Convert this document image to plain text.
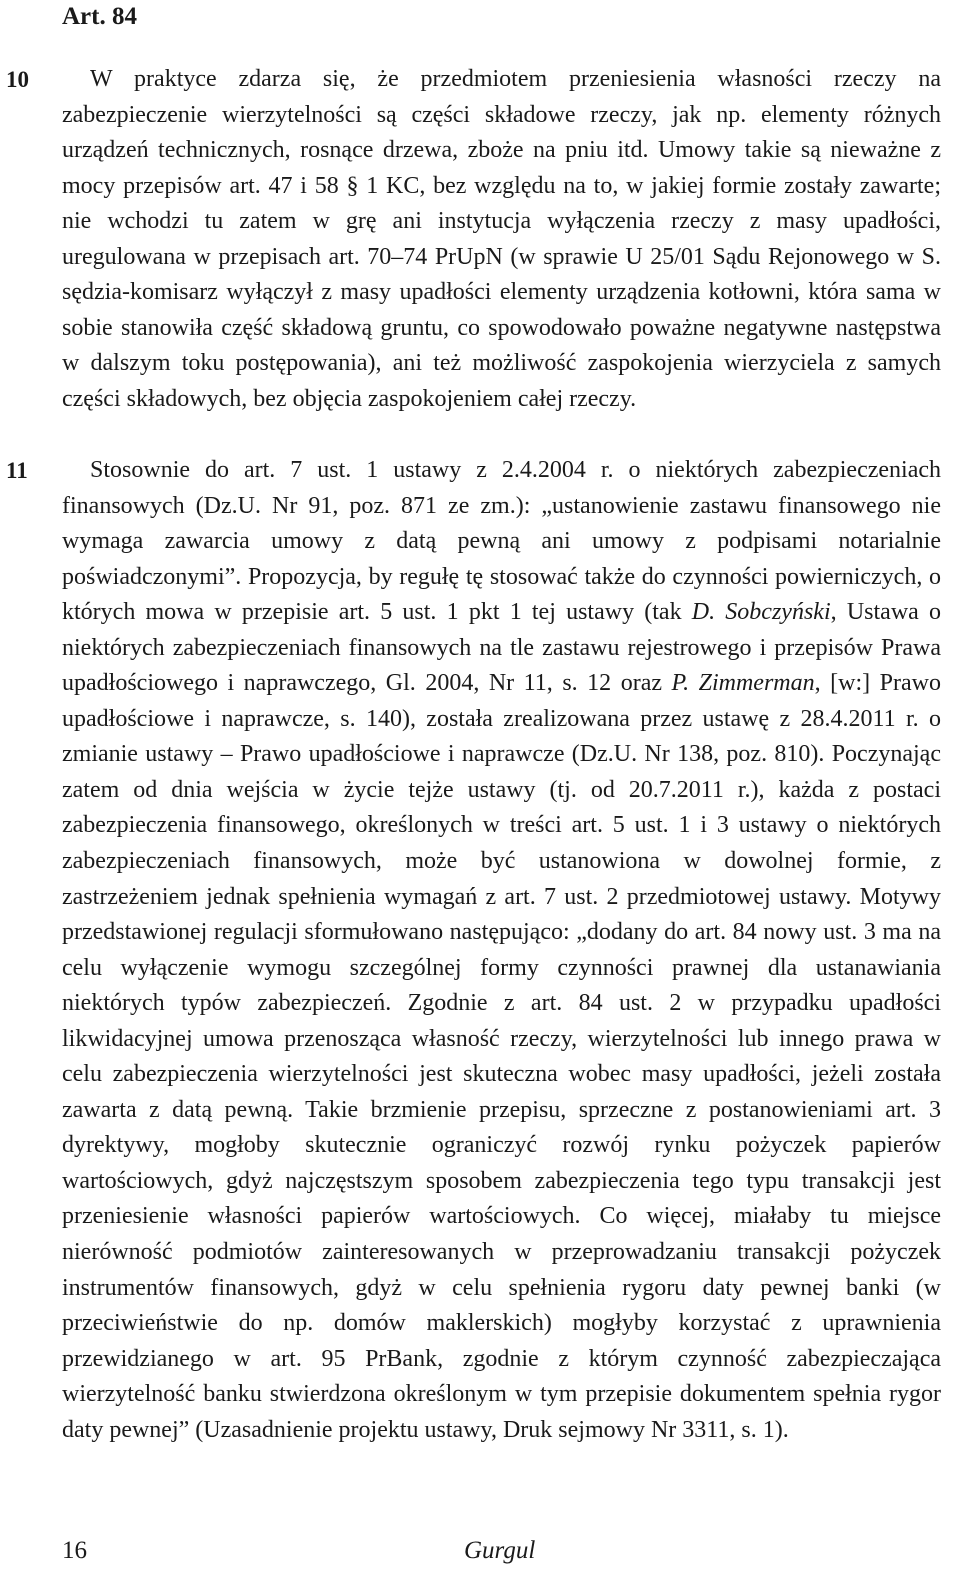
Art. 84
10	W praktyce zdarza się, że przedmiotem przeniesienia własności rzeczy na zabezpieczenie wierzytelności są części składowe rzeczy, jak np. elementy różnych urządzeń technicznych, rosnące drzewa, zboże na pniu itd. Umowy takie są nieważne z mocy przepisów art. 47 i 58 § 1 KC, bez względu na to, w jakiej formie zostały zawarte; nie wchodzi tu zatem w grę ani instytucja wyłączenia rzeczy z masy upadłości, uregulowana w przepisach art. 70–74 PrUpN (w sprawie U 25/01 Sądu Rejonowego w S. sędzia-komisarz wyłączył z masy upadłości elementy urządzenia kotłowni, która sama w sobie stanowiła część składową gruntu, co spowodowało poważne negatywne następstwa w dalszym toku postępowania), ani też możliwość zaspokojenia wierzyciela z samych części składowych, bez objęcia zaspokojeniem całej rzeczy.

11	Stosownie do art. 7 ust. 1 ustawy z 2.4.2004 r. o niektórych zabezpieczeniach finansowych (Dz.U. Nr 91, poz. 871 ze zm.): „ustanowienie zastawu finansowego nie wymaga zawarcia umowy z datą pewną ani umowy z podpisami notarialnie poświadczonymi”. Propozycja, by regułę tę stosować także do czynności powierniczych, o których mowa w przepisie art. 5 ust. 1 pkt 1 tej ustawy (tak D. Sobczyński, Ustawa o niektórych zabezpieczeniach finansowych na tle zastawu rejestrowego i przepisów Prawa upadłościowego i naprawczego, Gl. 2004, Nr 11, s. 12 oraz P. Zimmerman, [w:] Prawo upadłościowe i naprawcze, s. 140), została zrealizowana przez ustawę z 28.4.2011 r. o zmianie ustawy – Prawo upadłościowe i naprawcze (Dz.U. Nr 138, poz. 810). Poczynając zatem od dnia wejścia w życie tejże ustawy (tj. od 20.7.2011 r.), każda z postaci zabezpieczenia finansowego, określonych w treści art. 5 ust. 1 i 3 ustawy o niektórych zabezpieczeniach finansowych, może być ustanowiona w dowolnej formie, z zastrzeżeniem jednak spełnienia wymagań z art. 7 ust. 2 przedmiotowej ustawy. Motywy przedstawionej regulacji sformułowano następująco: „dodany do art. 84 nowy ust. 3 ma na celu wyłączenie wymogu szczególnej formy czynności prawnej dla ustanawiania niektórych typów zabezpieczeń. Zgodnie z art. 84 ust. 2 w przypadku upadłości likwidacyjnej umowa przenosząca własność rzeczy, wierzytelności lub innego prawa w celu zabezpieczenia wierzytelności jest skuteczna wobec masy upadłości, jeżeli została zawarta z datą pewną. Takie brzmienie przepisu, sprzeczne z postanowieniami art. 3 dyrektywy, mogłoby skutecznie ograniczyć rozwój rynku pożyczek papierów wartościowych, gdyż najczęstszym sposobem zabezpieczenia tego typu transakcji jest przeniesienie własności papierów wartościowych. Co więcej, miałaby tu miejsce nierówność podmiotów zainteresowanych w przeprowadzaniu transakcji pożyczek instrumentów finansowych, gdyż w celu spełnienia rygoru daty pewnej banki (w przeciwieństwie do np. domów maklerskich) mogłyby korzystać z uprawnienia przewidzianego w art. 95 PrBank, zgodnie z którym czynność zabezpieczająca wierzytelność banku stwierdzona określonym w tym przepisie dokumentem spełnia rygor daty pewnej” (Uzasadnienie projektu ustawy, Druk sejmowy Nr 3311, s. 1).

16	Gurgul
